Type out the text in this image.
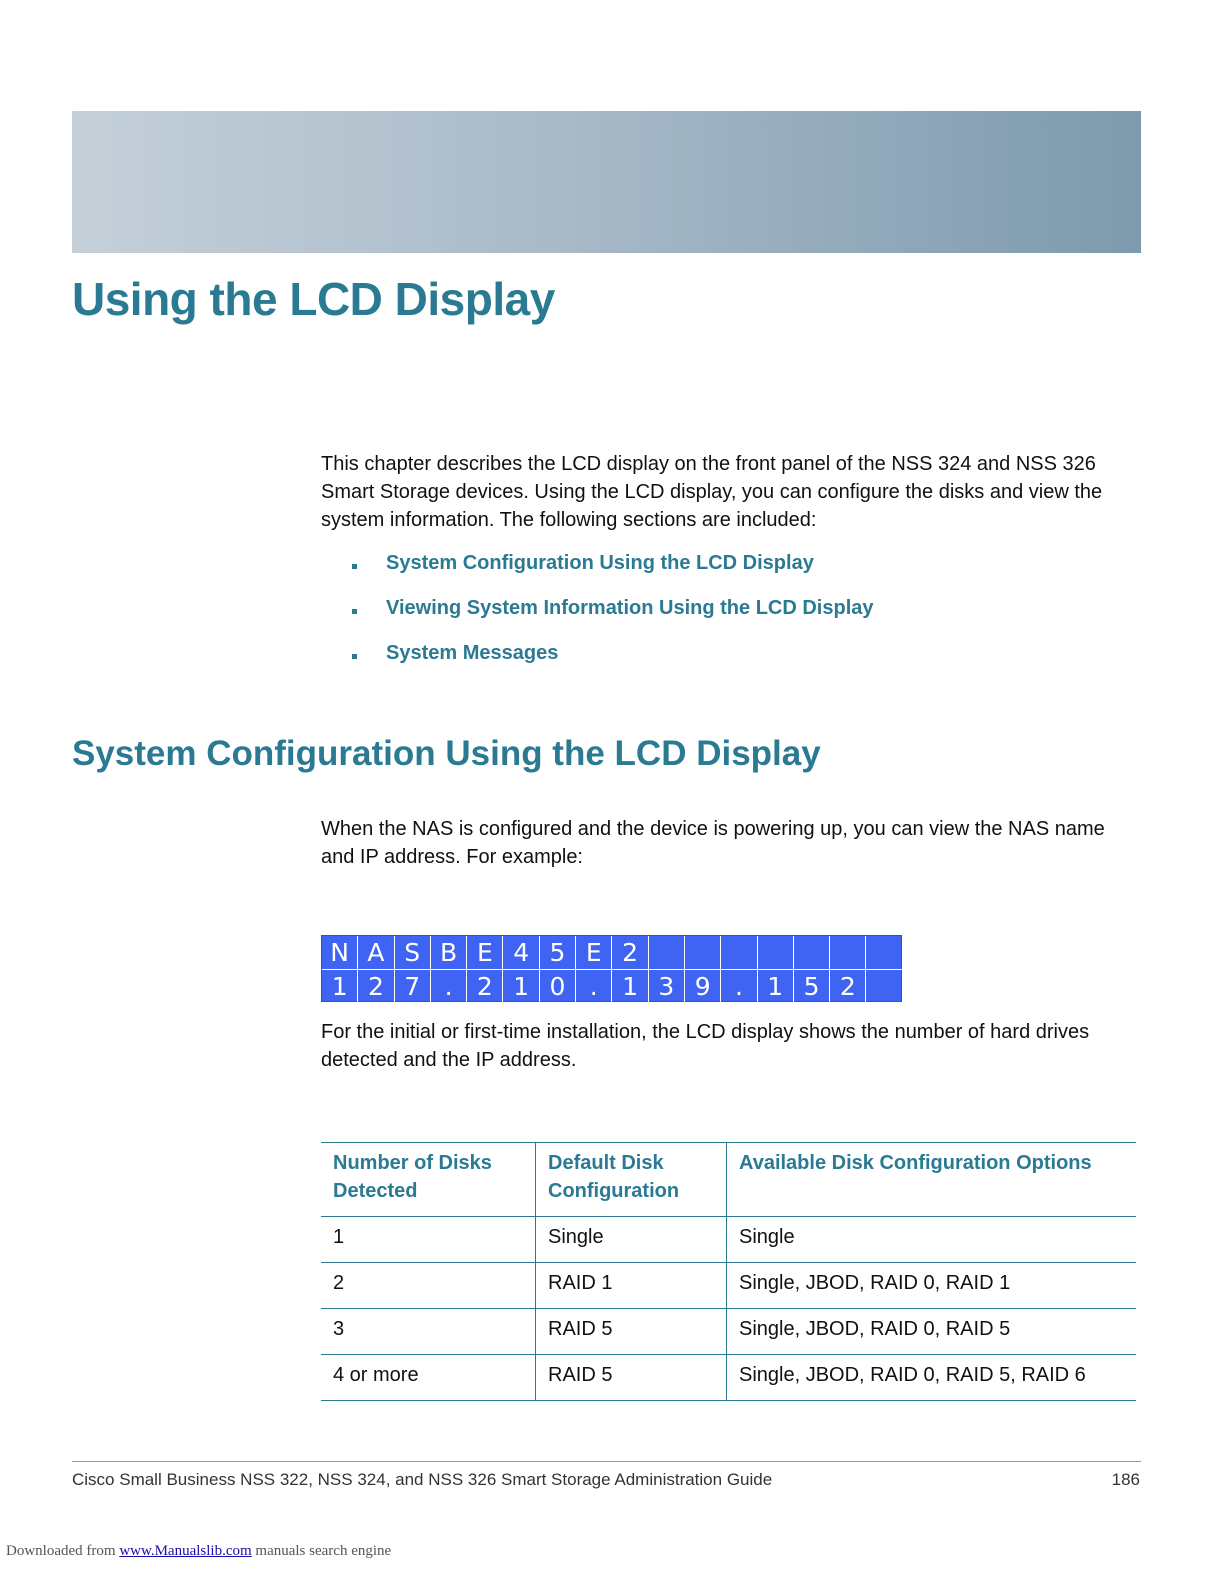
Using the LCD Display

This chapter describes the LCD display on the front panel of the NSS 324 and NSS 326 Smart Storage devices. Using the LCD display, you can configure the disks and view the system information. The following sections are included:

System Configuration Using the LCD Display
Viewing System Information Using the LCD Display
System Messages
System Configuration Using the LCD Display

When the NAS is configured and the device is powering up, you can view the NAS name and IP address. For example:

N A S B E 4 5 E 2
1 2 7 . 2 1 0 . 1 3 9 . 1 5 2

For the initial or first-time installation, the LCD display shows the number of hard drives detected and the IP address.

Number of Disks Detected	Default Disk Configuration	Available Disk Configuration Options
1	Single	Single
2	RAID 1	Single, JBOD, RAID 0, RAID 1
3	RAID 5	Single, JBOD, RAID 0, RAID 5
4 or more	RAID 5	Single, JBOD, RAID 0, RAID 5, RAID 6
Cisco Small Business NSS 322, NSS 324, and NSS 326 Smart Storage Administration Guide	186
Downloaded from www.Manualslib.com manuals search engine
